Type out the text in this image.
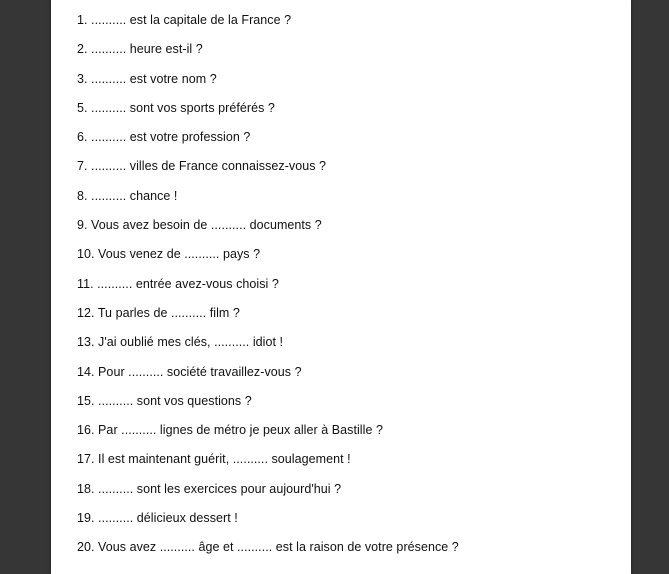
1. .......... est la capitale de la France ?
2. .......... heure est-il ?
3. .......... est votre nom ?
5. .......... sont vos sports préférés ?
6. .......... est votre profession ?
7. .......... villes de France connaissez-vous ?
8. .......... chance !
9. Vous avez besoin de .......... documents ?
10. Vous venez de .......... pays ?
11. .......... entrée avez-vous choisi ?
12. Tu parles de .......... film ?
13. J'ai oublié mes clés, .......... idiot !
14. Pour .......... société travaillez-vous ?
15. .......... sont vos questions ?
16. Par .......... lignes de métro je peux aller à Bastille ?
17. Il est maintenant guérit, .......... soulagement !
18. .......... sont les exercices pour aujourd'hui ?
19. .......... délicieux dessert !
20. Vous avez .......... âge et .......... est la raison de votre présence ?
